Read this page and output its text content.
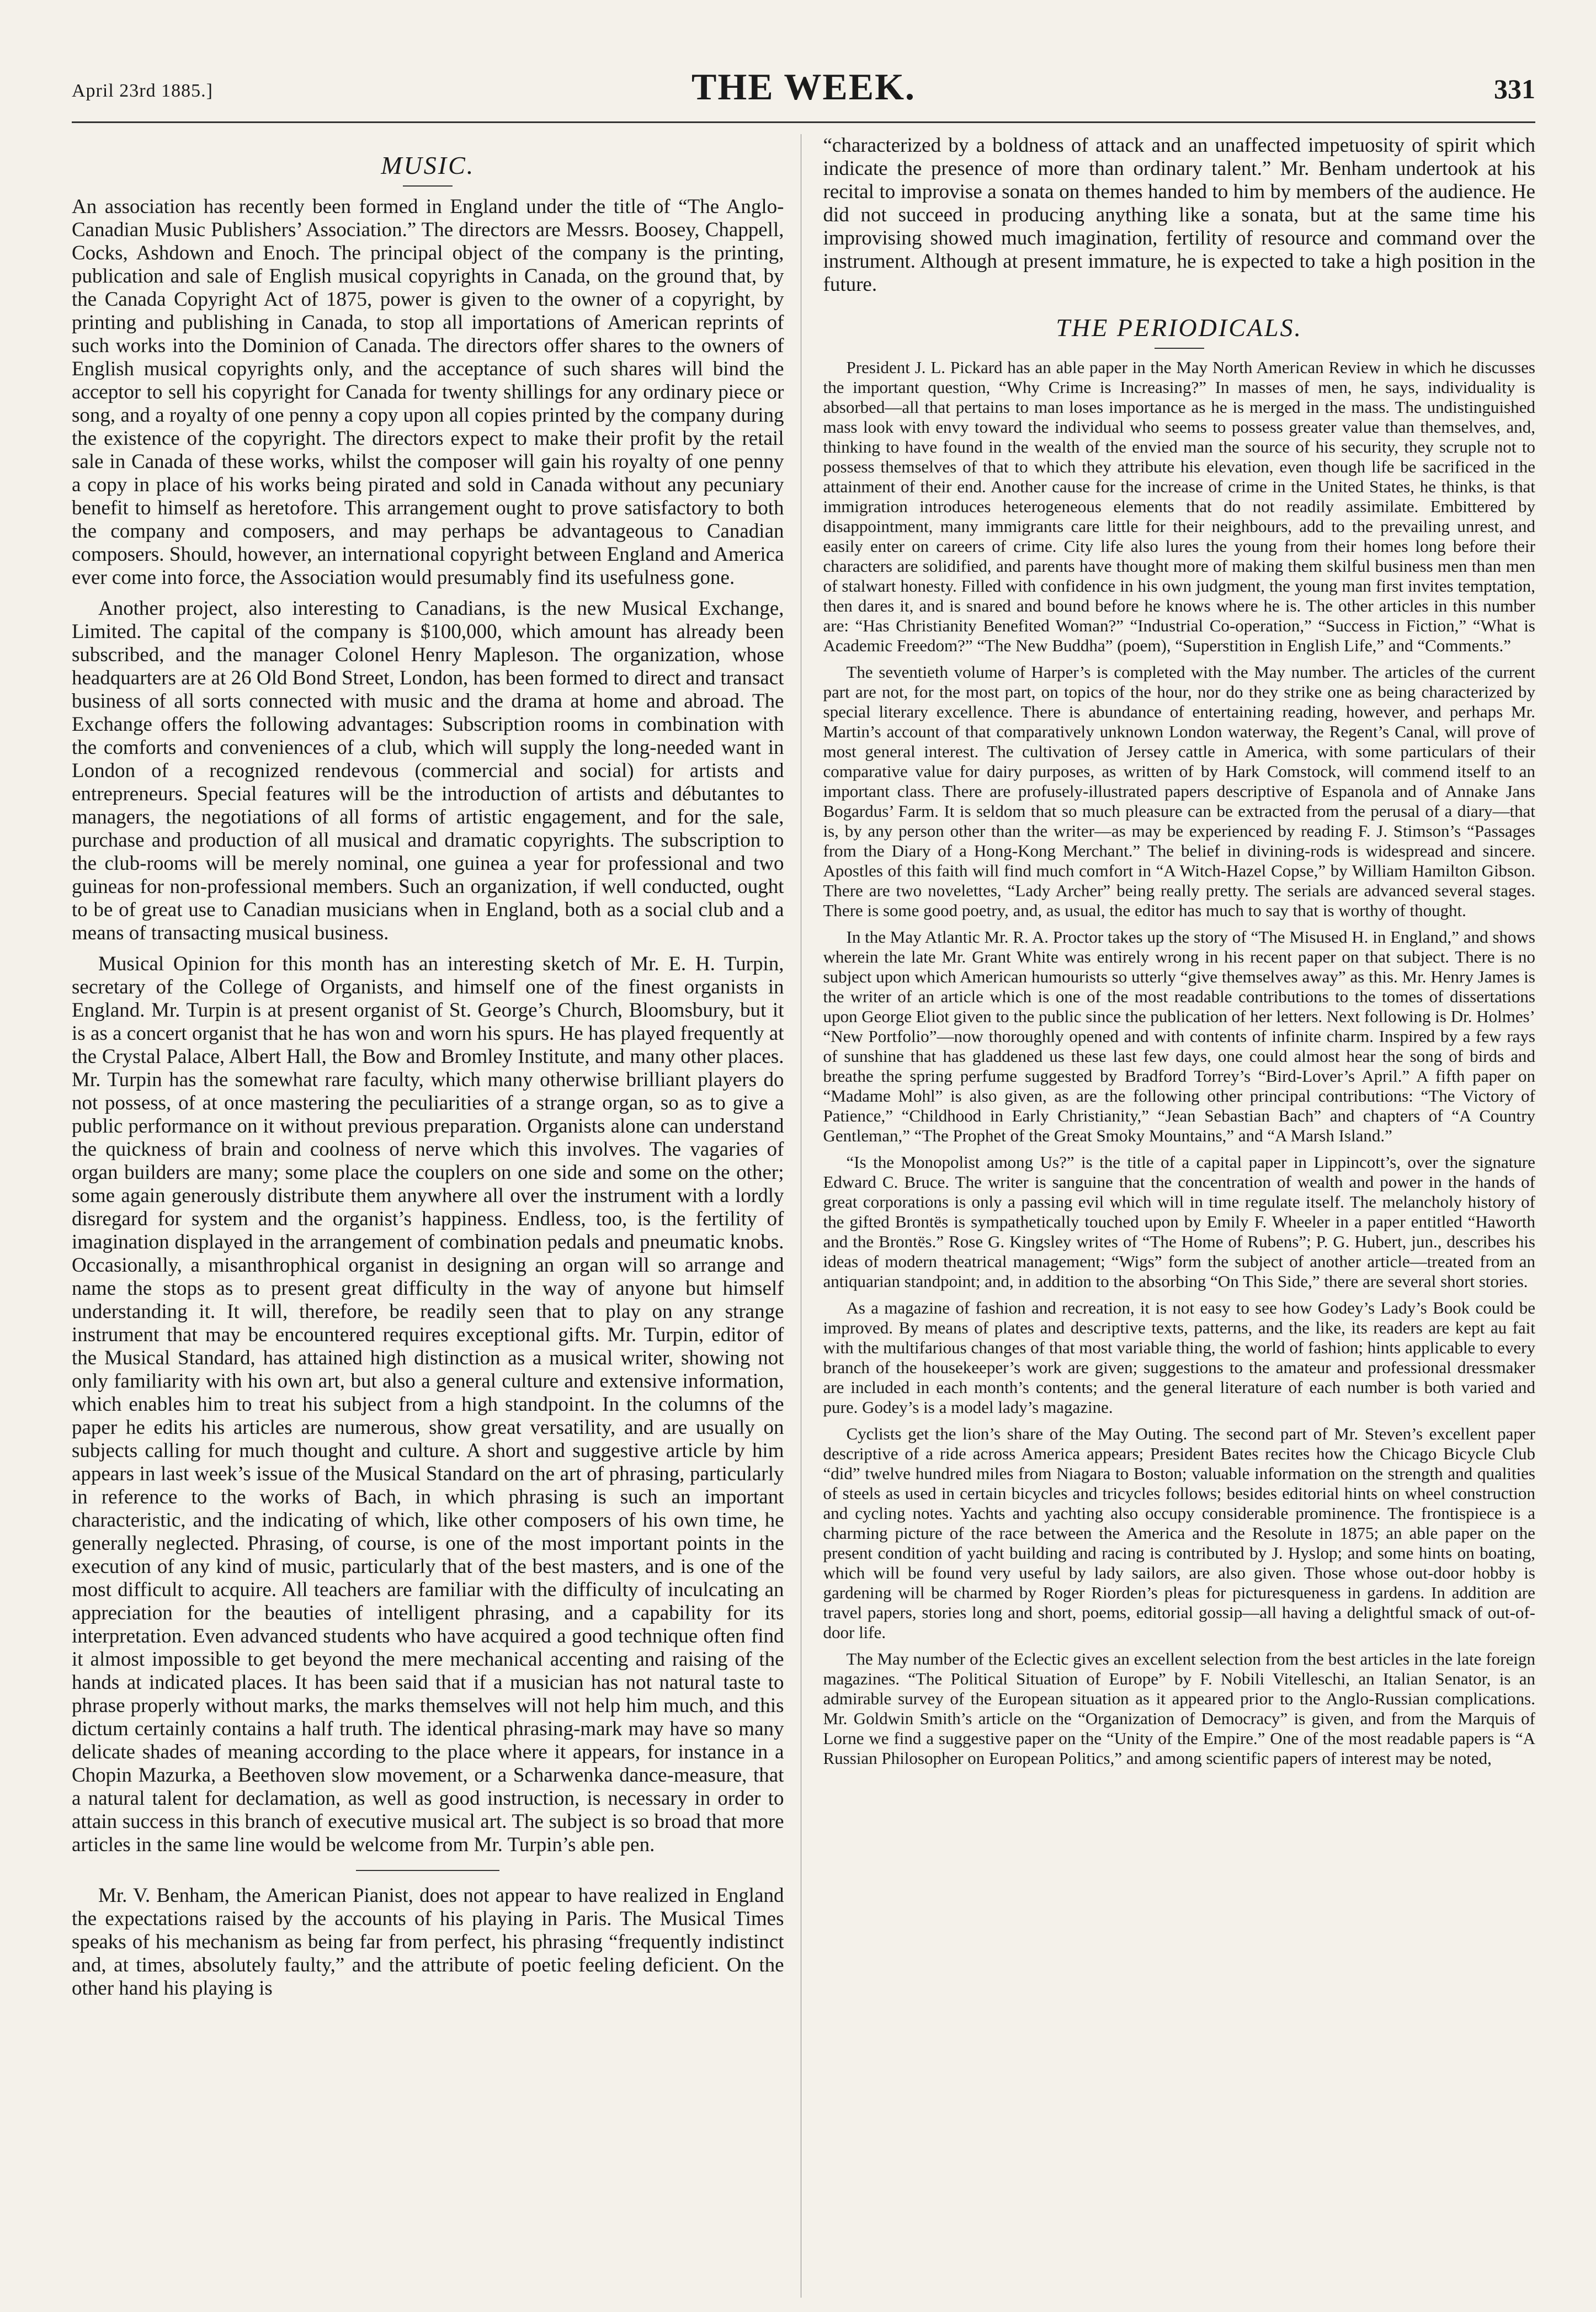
April 23rd 1885.]	THE WEEK.	331
MUSIC.

An association has recently been formed in England under the title of “The Anglo-Canadian Music Publishers’ Association.” The directors are Messrs. Boosey, Chappell, Cocks, Ashdown and Enoch. The principal object of the company is the printing, publication and sale of English musical copyrights in Canada, on the ground that, by the Canada Copyright Act of 1875, power is given to the owner of a copyright, by printing and publishing in Canada, to stop all importations of American reprints of such works into the Dominion of Canada. The directors offer shares to the owners of English musical copyrights only, and the acceptance of such shares will bind the acceptor to sell his copyright for Canada for twenty shillings for any ordinary piece or song, and a royalty of one penny a copy upon all copies printed by the company during the existence of the copyright. The directors expect to make their profit by the retail sale in Canada of these works, whilst the composer will gain his royalty of one penny a copy in place of his works being pirated and sold in Canada without any pecuniary benefit to himself as heretofore. This arrangement ought to prove satisfactory to both the company and composers, and may perhaps be advantageous to Canadian composers. Should, however, an international copyright between England and America ever come into force, the Association would presumably find its usefulness gone.

Another project, also interesting to Canadians, is the new Musical Exchange, Limited. The capital of the company is $100,000, which amount has already been subscribed, and the manager Colonel Henry Mapleson. The organization, whose headquarters are at 26 Old Bond Street, London, has been formed to direct and transact business of all sorts connected with music and the drama at home and abroad. The Exchange offers the following advantages: Subscription rooms in combination with the comforts and conveniences of a club, which will supply the long-needed want in London of a recognized rendevous (commercial and social) for artists and entrepreneurs. Special features will be the introduction of artists and débutantes to managers, the negotiations of all forms of artistic engagement, and for the sale, purchase and production of all musical and dramatic copyrights. The subscription to the club-rooms will be merely nominal, one guinea a year for professional and two guineas for non-professional members. Such an organization, if well conducted, ought to be of great use to Canadian musicians when in England, both as a social club and a means of transacting musical business.

Musical Opinion for this month has an interesting sketch of Mr. E. H. Turpin, secretary of the College of Organists, and himself one of the finest organists in England. Mr. Turpin is at present organist of St. George’s Church, Bloomsbury, but it is as a concert organist that he has won and worn his spurs. He has played frequently at the Crystal Palace, Albert Hall, the Bow and Bromley Institute, and many other places. Mr. Turpin has the somewhat rare faculty, which many otherwise brilliant players do not possess, of at once mastering the peculiarities of a strange organ, so as to give a public performance on it without previous preparation. Organists alone can understand the quickness of brain and coolness of nerve which this involves. The vagaries of organ builders are many; some place the couplers on one side and some on the other; some again generously distribute them anywhere all over the instrument with a lordly disregard for system and the organist’s happiness. Endless, too, is the fertility of imagination displayed in the arrangement of combination pedals and pneumatic knobs. Occasionally, a misanthrophical organist in designing an organ will so arrange and name the stops as to present great difficulty in the way of anyone but himself understanding it. It will, therefore, be readily seen that to play on any strange instrument that may be encountered requires exceptional gifts. Mr. Turpin, editor of the Musical Standard, has attained high distinction as a musical writer, showing not only familiarity with his own art, but also a general culture and extensive information, which enables him to treat his subject from a high standpoint. In the columns of the paper he edits his articles are numerous, show great versatility, and are usually on subjects calling for much thought and culture. A short and suggestive article by him appears in last week’s issue of the Musical Standard on the art of phrasing, particularly in reference to the works of Bach, in which phrasing is such an important characteristic, and the indicating of which, like other composers of his own time, he generally neglected. Phrasing, of course, is one of the most important points in the execution of any kind of music, particularly that of the best masters, and is one of the most difficult to acquire. All teachers are familiar with the difficulty of inculcating an appreciation for the beauties of intelligent phrasing, and a capability for its interpretation. Even advanced students who have acquired a good technique often find it almost impossible to get beyond the mere mechanical accenting and raising of the hands at indicated places. It has been said that if a musician has not natural taste to phrase properly without marks, the marks themselves will not help him much, and this dictum certainly contains a half truth. The identical phrasing-mark may have so many delicate shades of meaning according to the place where it appears, for instance in a Chopin Mazurka, a Beethoven slow movement, or a Scharwenka dance-measure, that a natural talent for declamation, as well as good instruction, is necessary in order to attain success in this branch of executive musical art. The subject is so broad that more articles in the same line would be welcome from Mr. Turpin’s able pen.

Mr. V. Benham, the American Pianist, does not appear to have realized in England the expectations raised by the accounts of his playing in Paris. The Musical Times speaks of his mechanism as being far from perfect, his phrasing “frequently indistinct and, at times, absolutely faulty,” and the attribute of poetic feeling deficient. On the other hand his playing is

“characterized by a boldness of attack and an unaffected impetuosity of spirit which indicate the presence of more than ordinary talent.” Mr. Benham undertook at his recital to improvise a sonata on themes handed to him by members of the audience. He did not succeed in producing anything like a sonata, but at the same time his improvising showed much imagination, fertility of resource and command over the instrument. Although at present immature, he is expected to take a high position in the future.

THE PERIODICALS.

President J. L. Pickard has an able paper in the May North American Review in which he discusses the important question, “Why Crime is Increasing?” In masses of men, he says, individuality is absorbed—all that pertains to man loses importance as he is merged in the mass. The undistinguished mass look with envy toward the individual who seems to possess greater value than themselves, and, thinking to have found in the wealth of the envied man the source of his security, they scruple not to possess themselves of that to which they attribute his elevation, even though life be sacrificed in the attainment of their end. Another cause for the increase of crime in the United States, he thinks, is that immigration introduces heterogeneous elements that do not readily assimilate. Embittered by disappointment, many immigrants care little for their neighbours, add to the prevailing unrest, and easily enter on careers of crime. City life also lures the young from their homes long before their characters are solidified, and parents have thought more of making them skilful business men than men of stalwart honesty. Filled with confidence in his own judgment, the young man first invites temptation, then dares it, and is snared and bound before he knows where he is. The other articles in this number are: “Has Christianity Benefited Woman?” “Industrial Co-operation,” “Success in Fiction,” “What is Academic Freedom?” “The New Buddha” (poem), “Superstition in English Life,” and “Comments.”

The seventieth volume of Harper’s is completed with the May number. The articles of the current part are not, for the most part, on topics of the hour, nor do they strike one as being characterized by special literary excellence. There is abundance of entertaining reading, however, and perhaps Mr. Martin’s account of that comparatively unknown London waterway, the Regent’s Canal, will prove of most general interest. The cultivation of Jersey cattle in America, with some particulars of their comparative value for dairy purposes, as written of by Hark Comstock, will commend itself to an important class. There are profusely-illustrated papers descriptive of Espanola and of Annake Jans Bogardus’ Farm. It is seldom that so much pleasure can be extracted from the perusal of a diary—that is, by any person other than the writer—as may be experienced by reading F. J. Stimson’s “Passages from the Diary of a Hong-Kong Merchant.” The belief in divining-rods is widespread and sincere. Apostles of this faith will find much comfort in “A Witch-Hazel Copse,” by William Hamilton Gibson. There are two novelettes, “Lady Archer” being really pretty. The serials are advanced several stages. There is some good poetry, and, as usual, the editor has much to say that is worthy of thought.

In the May Atlantic Mr. R. A. Proctor takes up the story of “The Misused H. in England,” and shows wherein the late Mr. Grant White was entirely wrong in his recent paper on that subject. There is no subject upon which American humourists so utterly “give themselves away” as this. Mr. Henry James is the writer of an article which is one of the most readable contributions to the tomes of dissertations upon George Eliot given to the public since the publication of her letters. Next following is Dr. Holmes’ “New Portfolio”—now thoroughly opened and with contents of infinite charm. Inspired by a few rays of sunshine that has gladdened us these last few days, one could almost hear the song of birds and breathe the spring perfume suggested by Bradford Torrey’s “Bird-Lover’s April.” A fifth paper on “Madame Mohl” is also given, as are the following other principal contributions: “The Victory of Patience,” “Childhood in Early Christianity,” “Jean Sebastian Bach” and chapters of “A Country Gentleman,” “The Prophet of the Great Smoky Mountains,” and “A Marsh Island.”

“Is the Monopolist among Us?” is the title of a capital paper in Lippincott’s, over the signature Edward C. Bruce. The writer is sanguine that the concentration of wealth and power in the hands of great corporations is only a passing evil which will in time regulate itself. The melancholy history of the gifted Brontës is sympathetically touched upon by Emily F. Wheeler in a paper entitled “Haworth and the Brontës.” Rose G. Kingsley writes of “The Home of Rubens”; P. G. Hubert, jun., describes his ideas of modern theatrical management; “Wigs” form the subject of another article—treated from an antiquarian standpoint; and, in addition to the absorbing “On This Side,” there are several short stories.

As a magazine of fashion and recreation, it is not easy to see how Godey’s Lady’s Book could be improved. By means of plates and descriptive texts, patterns, and the like, its readers are kept au fait with the multifarious changes of that most variable thing, the world of fashion; hints applicable to every branch of the housekeeper’s work are given; suggestions to the amateur and professional dressmaker are included in each month’s contents; and the general literature of each number is both varied and pure. Godey’s is a model lady’s magazine.

Cyclists get the lion’s share of the May Outing. The second part of Mr. Steven’s excellent paper descriptive of a ride across America appears; President Bates recites how the Chicago Bicycle Club “did” twelve hundred miles from Niagara to Boston; valuable information on the strength and qualities of steels as used in certain bicycles and tricycles follows; besides editorial hints on wheel construction and cycling notes. Yachts and yachting also occupy considerable prominence. The frontispiece is a charming picture of the race between the America and the Resolute in 1875; an able paper on the present condition of yacht building and racing is contributed by J. Hyslop; and some hints on boating, which will be found very useful by lady sailors, are also given. Those whose out-door hobby is gardening will be charmed by Roger Riorden’s pleas for picturesqueness in gardens. In addition are travel papers, stories long and short, poems, editorial gossip—all having a delightful smack of out-of-door life.

The May number of the Eclectic gives an excellent selection from the best articles in the late foreign magazines. “The Political Situation of Europe” by F. Nobili Vitelleschi, an Italian Senator, is an admirable survey of the European situation as it appeared prior to the Anglo-Russian complications. Mr. Goldwin Smith’s article on the “Organization of Democracy” is given, and from the Marquis of Lorne we find a suggestive paper on the “Unity of the Empire.” One of the most readable papers is “A Russian Philosopher on European Politics,” and among scientific papers of interest may be noted,
